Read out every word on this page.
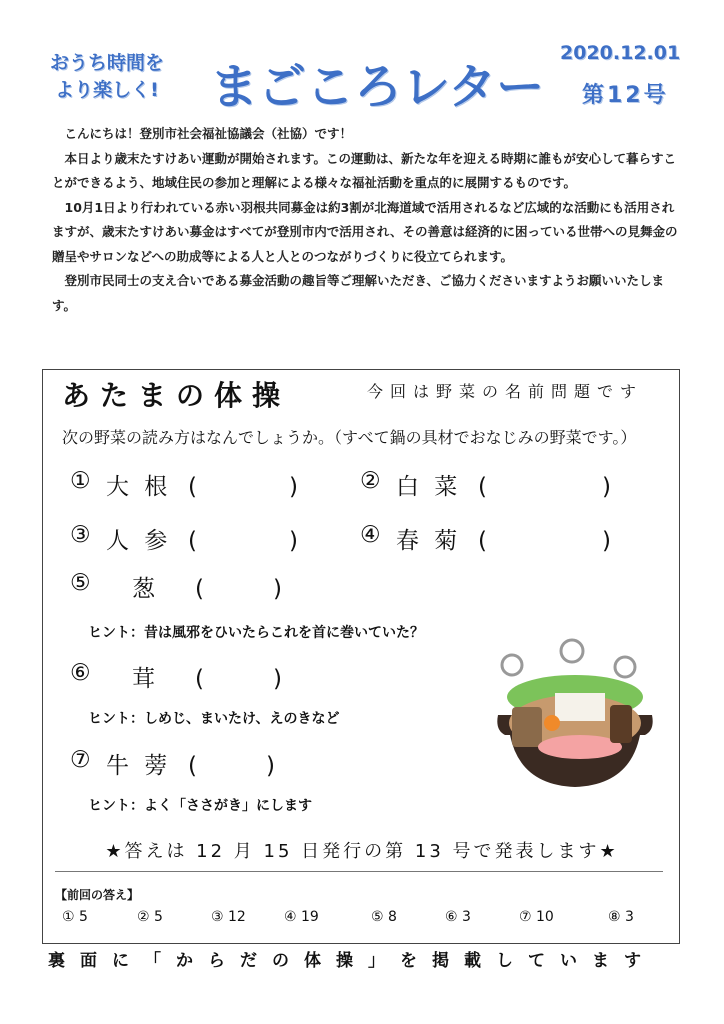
おうち時間を
より楽しく! まごころレター
2020.12.01
第12号

　こんにちは！登別市社会福祉協議会（社協）です！

　本日より歳末たすけあい運動が開始されます。この運動は、新たな年を迎える時期に誰もが安心して暮らすことができるよう、地域住民の参加と理解による様々な福祉活動を重点的に展開するものです。

　10月1日より行われている赤い羽根共同募金は約3割が北海道域で活用されるなど広域的な活動にも活用されますが、歳末たすけあい募金はすべてが登別市内で活用され、その善意は経済的に困っている世帯への見舞金の贈呈やサロンなどへの助成等による人と人とのつながりづくりに役立てられます。

　登別市民同士の支え合いである募金活動の趣旨等ご理解いただき、ご協力くださいますようお願いいたします。

あたまの体操	今回は野菜の名前問題です
次の野菜の読み方はなんでしょうか。（すべて鍋の具材でおなじみの野菜です。）
① 大 根 (　　　　)	② 白 菜 (　　　　　)
③ 人 参 (　　　　)	④ 春 菊 (　　　　　)
⑤ 葱 (　　　)
ヒント：昔は風邪をひいたらこれを首に巻いていた？
⑥ 茸 (　　　)
ヒント：しめじ、まいたけ、えのきなど
⑦ 牛 蒡 (　　　)
ヒント：よく「ささがき」にします
★答えは 12 月 15 日発行の第 13 号で発表します★
【前回の答え】
① 5	② 5	③ 12	④ 19	⑤ 8	⑥ 3	⑦ 10	⑧ 3
裏面に「からだの体操」を掲載しています
